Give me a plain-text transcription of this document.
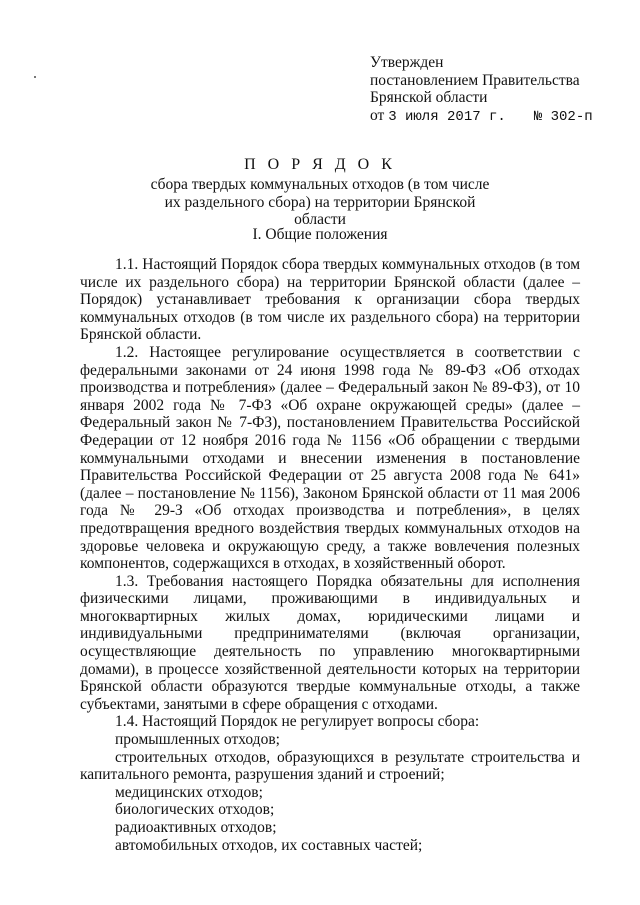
Утвержден
постановлением Правительства
Брянской области
от 3 июля 2017 г. № 302-п
П О Р Я Д О К
сбора твердых коммунальных отходов (в том числе их раздельного сбора) на территории Брянской области
I. Общие положения

1.1. Настоящий Порядок сбора твердых коммунальных отходов (в том числе их раздельного сбора) на территории Брянской области (далее – Порядок) устанавливает требования к организации сбора твердых коммунальных отходов (в том числе их раздельного сбора) на территории Брянской области.

1.2. Настоящее регулирование осуществляется в соответствии с федеральными законами от 24 июня 1998 года № 89-ФЗ «Об отходах производства и потребления» (далее – Федеральный закон № 89-ФЗ), от 10 января 2002 года № 7-ФЗ «Об охране окружающей среды» (далее – Федеральный закон № 7-ФЗ), постановлением Правительства Российской Федерации от 12 ноября 2016 года № 1156 «Об обращении с твердыми коммунальными отходами и внесении изменения в постановление Правительства Российской Федерации от 25 августа 2008 года № 641» (далее – постановление № 1156), Законом Брянской области от 11 мая 2006 года № 29-З «Об отходах производства и потребления», в целях предотвращения вредного воздействия твердых коммунальных отходов на здоровье человека и окружающую среду, а также вовлечения полезных компонентов, содержащихся в отходах, в хозяйственный оборот.

1.3. Требования настоящего Порядка обязательны для исполнения физическими лицами, проживающими в индивидуальных и многоквартирных жилых домах, юридическими лицами и индивидуальными предпринимателями (включая организации, осуществляющие деятельность по управлению многоквартирными домами), в процессе хозяйственной деятельности которых на территории Брянской области образуются твердые коммунальные отходы, а также субъектами, занятыми в сфере обращения с отходами.

1.4. Настоящий Порядок не регулирует вопросы сбора:

промышленных отходов;

строительных отходов, образующихся в результате строительства и капитального ремонта, разрушения зданий и строений;

медицинских отходов;

биологических отходов;

радиоактивных отходов;

автомобильных отходов, их составных частей;
